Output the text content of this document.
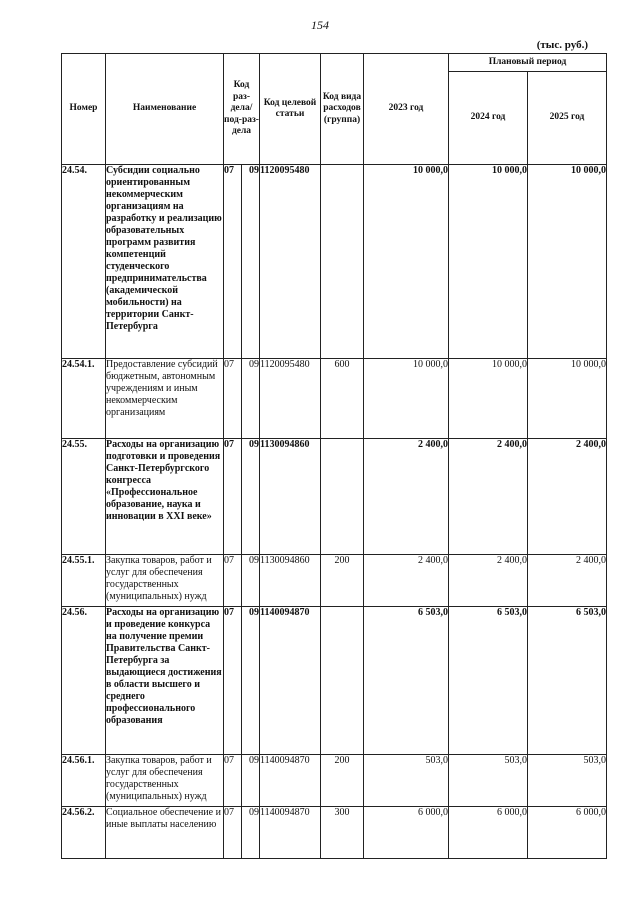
154
(тыс. руб.)
Номер	Наименование	Код раз-дела/ под-раз-дела		Код целевой статьи	Код вида расходов (группа)	2023 год	Плановый период	
							2024 год	2025 год
24.54.	Субсидии социально ориентированным некоммерческим организациям на разработку и реализацию образовательных программ развития компетенций студенческого предпринимательства (академической мобильности) на территории Санкт-Петербурга	07	09	1120095480		10 000,0	10 000,0	10 000,0
24.54.1.	Предоставление субсидий бюджетным, автономным учреждениям и иным некоммерческим организациям	07	09	1120095480	600	10 000,0	10 000,0	10 000,0
24.55.	Расходы на организацию подготовки и проведения Санкт-Петербургского конгресса «Профессиональное образование, наука и инновации в XXI веке»	07	09	1130094860		2 400,0	2 400,0	2 400,0
24.55.1.	Закупка товаров, работ и услуг для обеспечения государственных (муниципальных) нужд	07	09	1130094860	200	2 400,0	2 400,0	2 400,0
24.56.	Расходы на организацию и проведение конкурса на получение премии Правительства Санкт-Петербурга за выдающиеся достижения в области высшего и среднего профессионального образования	07	09	1140094870		6 503,0	6 503,0	6 503,0
24.56.1.	Закупка товаров, работ и услуг для обеспечения государственных (муниципальных) нужд	07	09	1140094870	200	503,0	503,0	503,0
24.56.2.	Социальное обеспечение и иные выплаты населению	07	09	1140094870	300	6 000,0	6 000,0	6 000,0
